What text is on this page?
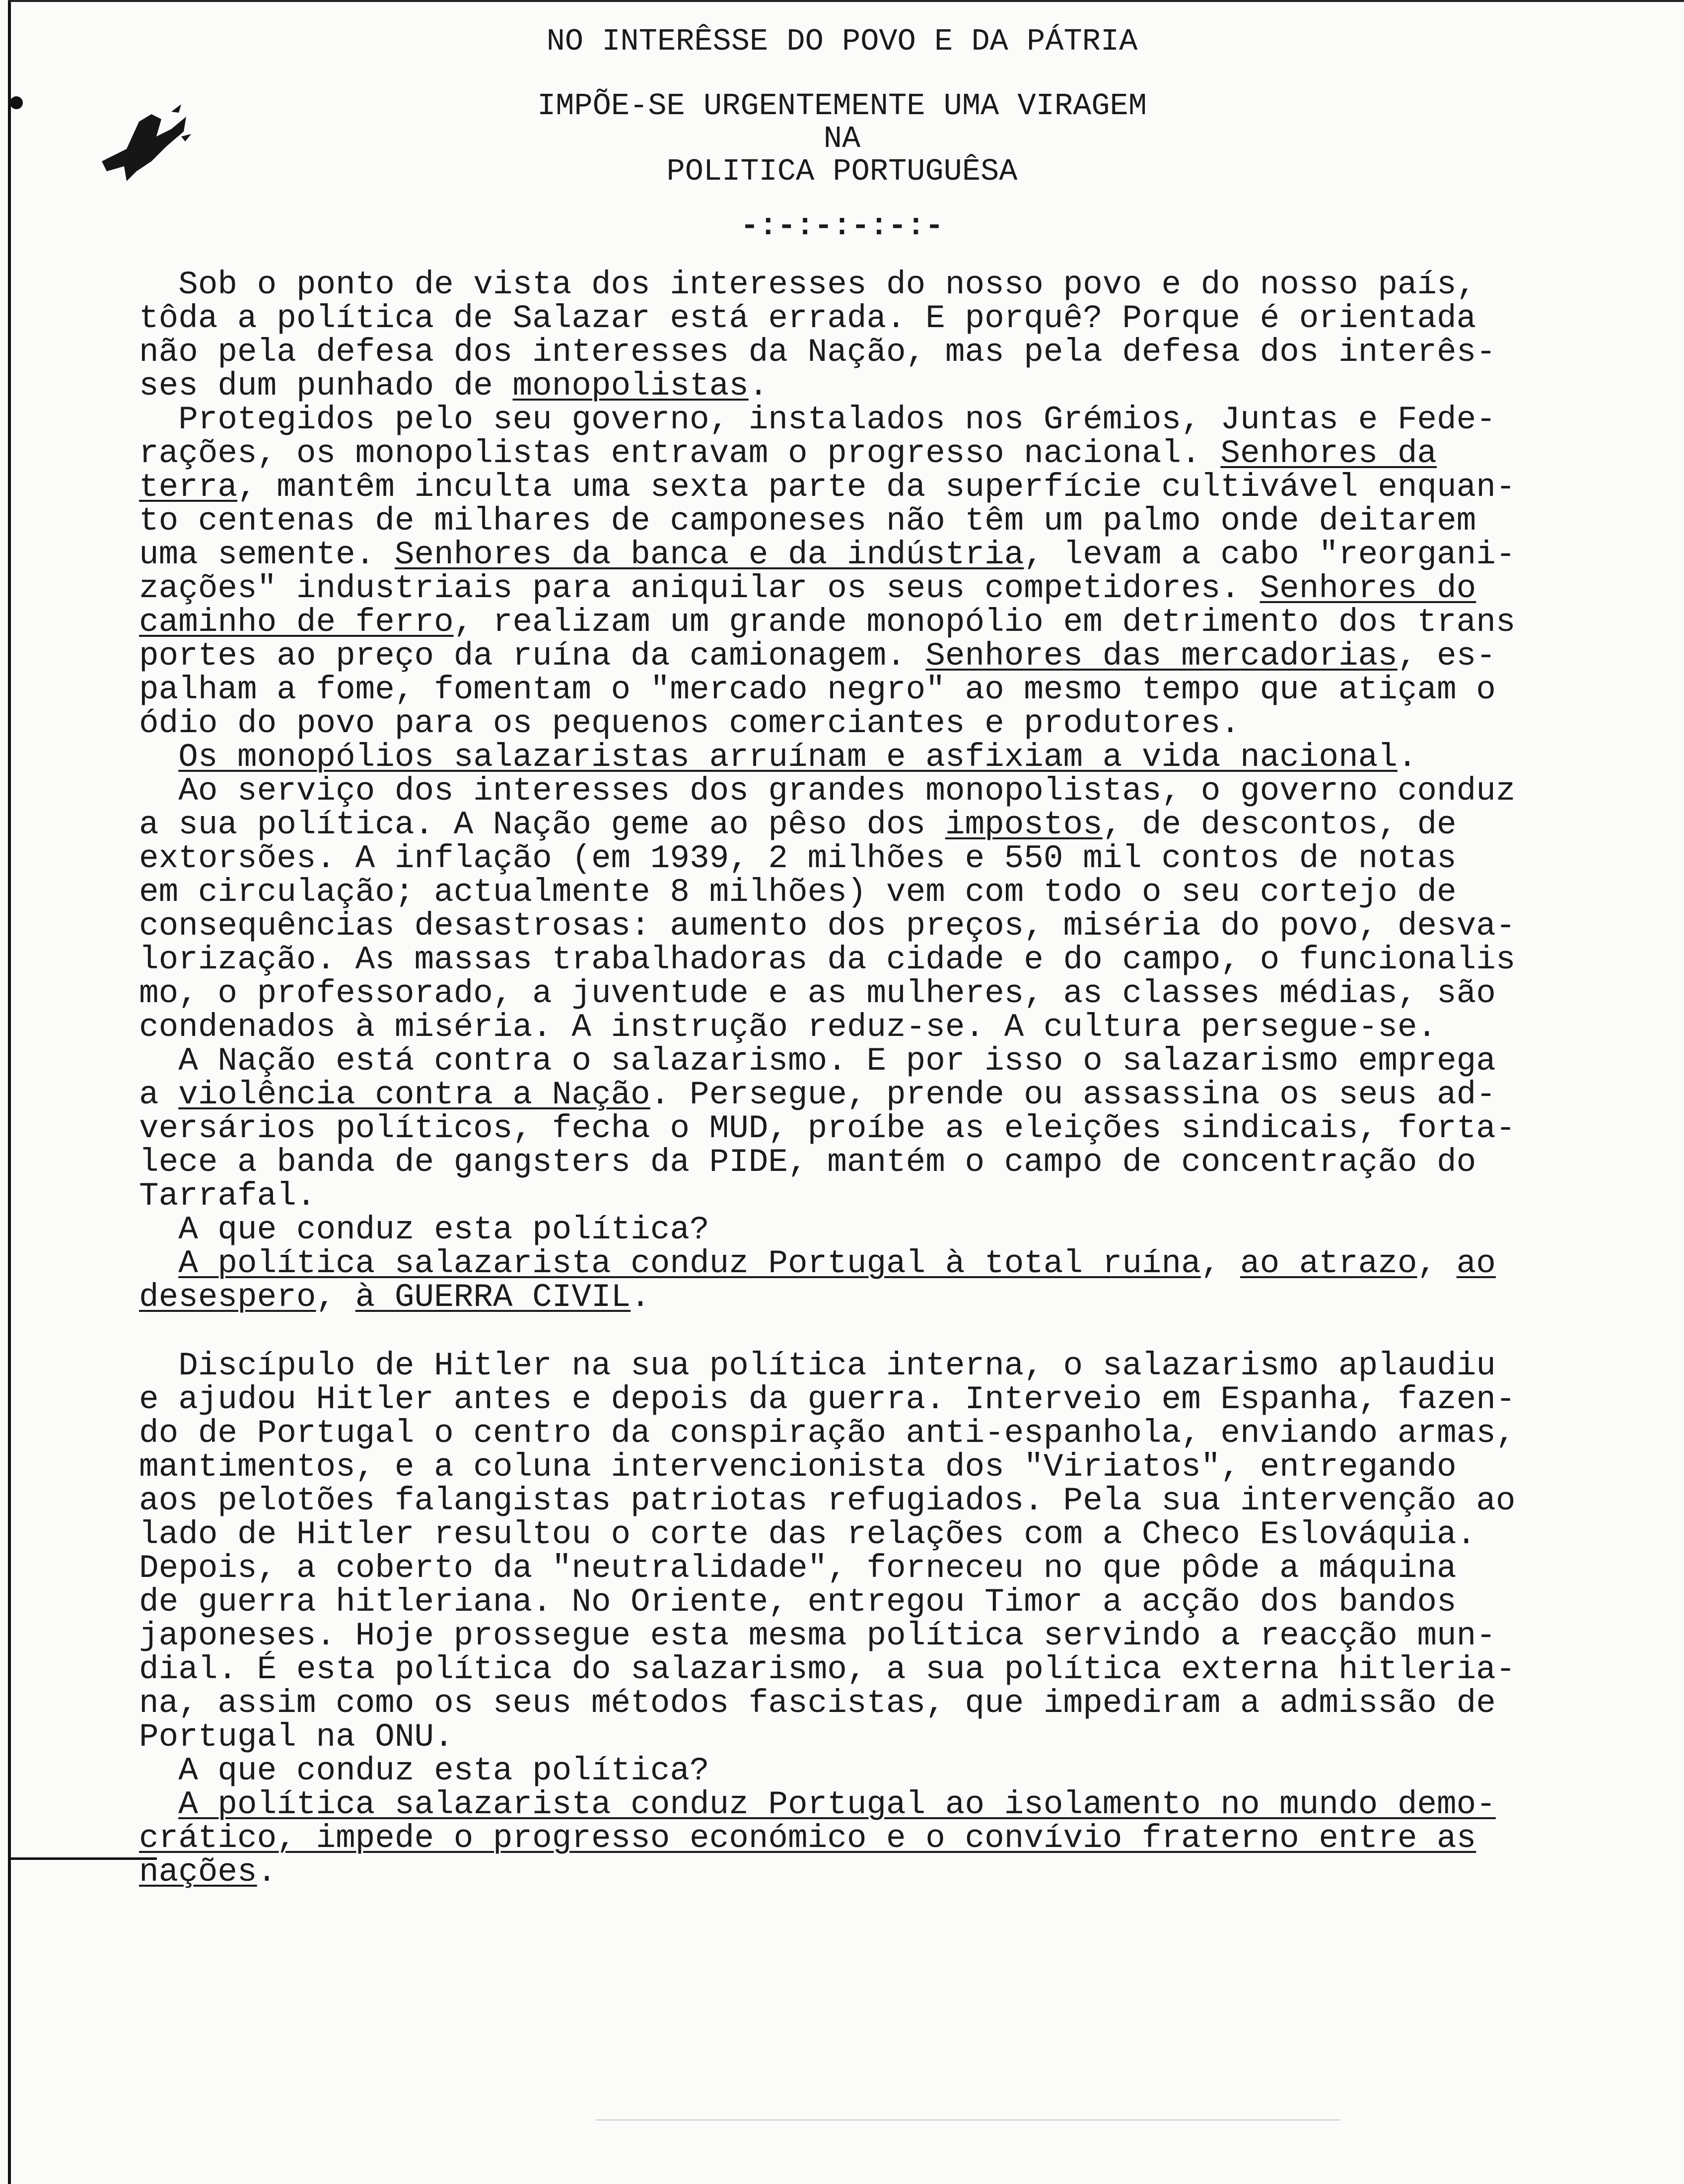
NO INTERÊSSE DO POVO E DA PÁTRIA
IMPÕE-SE URGENTEMENTE UMA VIRAGEM
NA
POLITICA PORTUGUÊSA
-:-:-:-:-:-
Sob o ponto de vista dos interesses do nosso povo e do nosso país,
tôda a política de Salazar está errada. E porquê? Porque é orientada
não pela defesa dos interesses da Nação, mas pela defesa dos interês-
ses dum punhado de monopolistas.
Protegidos pelo seu governo, instalados nos Grémios, Juntas e Fede-
rações, os monopolistas entravam o progresso nacional. Senhores da
terra, mantêm inculta uma sexta parte da superfície cultivável enquan-
to centenas de milhares de camponeses não têm um palmo onde deitarem
uma semente. Senhores da banca e da indústria, levam a cabo "reorgani-
zações" industriais para aniquilar os seus competidores. Senhores do
caminho de ferro, realizam um grande monopólio em detrimento dos trans
portes ao preço da ruína da camionagem. Senhores das mercadorias, es-
palham a fome, fomentam o "mercado negro" ao mesmo tempo que atiçam o
ódio do povo para os pequenos comerciantes e produtores.
Os monopólios salazaristas arruínam e asfixiam a vida nacional.
Ao serviço dos interesses dos grandes monopolistas, o governo conduz
a sua política. A Nação geme ao pêso dos impostos, de descontos, de
extorsões. A inflação (em 1939, 2 milhões e 550 mil contos de notas
em circulação; actualmente 8 milhões) vem com todo o seu cortejo de
consequências desastrosas: aumento dos preços, miséria do povo, desva-
lorização. As massas trabalhadoras da cidade e do campo, o funcionalis
mo, o professorado, a juventude e as mulheres, as classes médias, são
condenados à miséria. A instrução reduz-se. A cultura persegue-se.
A Nação está contra o salazarismo. E por isso o salazarismo emprega
a violência contra a Nação. Persegue, prende ou assassina os seus ad-
versários políticos, fecha o MUD, proíbe as eleições sindicais, forta-
lece a banda de gangsters da PIDE, mantém o campo de concentração do
Tarrafal.
A que conduz esta política?
A política salazarista conduz Portugal à total ruína, ao atrazo, ao
desespero, à GUERRA CIVIL.
Discípulo de Hitler na sua política interna, o salazarismo aplaudiu
e ajudou Hitler antes e depois da guerra. Interveio em Espanha, fazen-
do de Portugal o centro da conspiração anti-espanhola, enviando armas,
mantimentos, e a coluna intervencionista dos "Viriatos", entregando
aos pelotões falangistas patriotas refugiados. Pela sua intervenção ao
lado de Hitler resultou o corte das relações com a Checo Eslováquia.
Depois, a coberto da "neutralidade", forneceu no que pôde a máquina
de guerra hitleriana. No Oriente, entregou Timor a acção dos bandos
japoneses. Hoje prossegue esta mesma política servindo a reacção mun-
dial. É esta política do salazarismo, a sua política externa hitleria-
na, assim como os seus métodos fascistas, que impediram a admissão de
Portugal na ONU.
A que conduz esta política?
A política salazarista conduz Portugal ao isolamento no mundo demo-
crático, impede o progresso económico e o convívio fraterno entre as
nações.
